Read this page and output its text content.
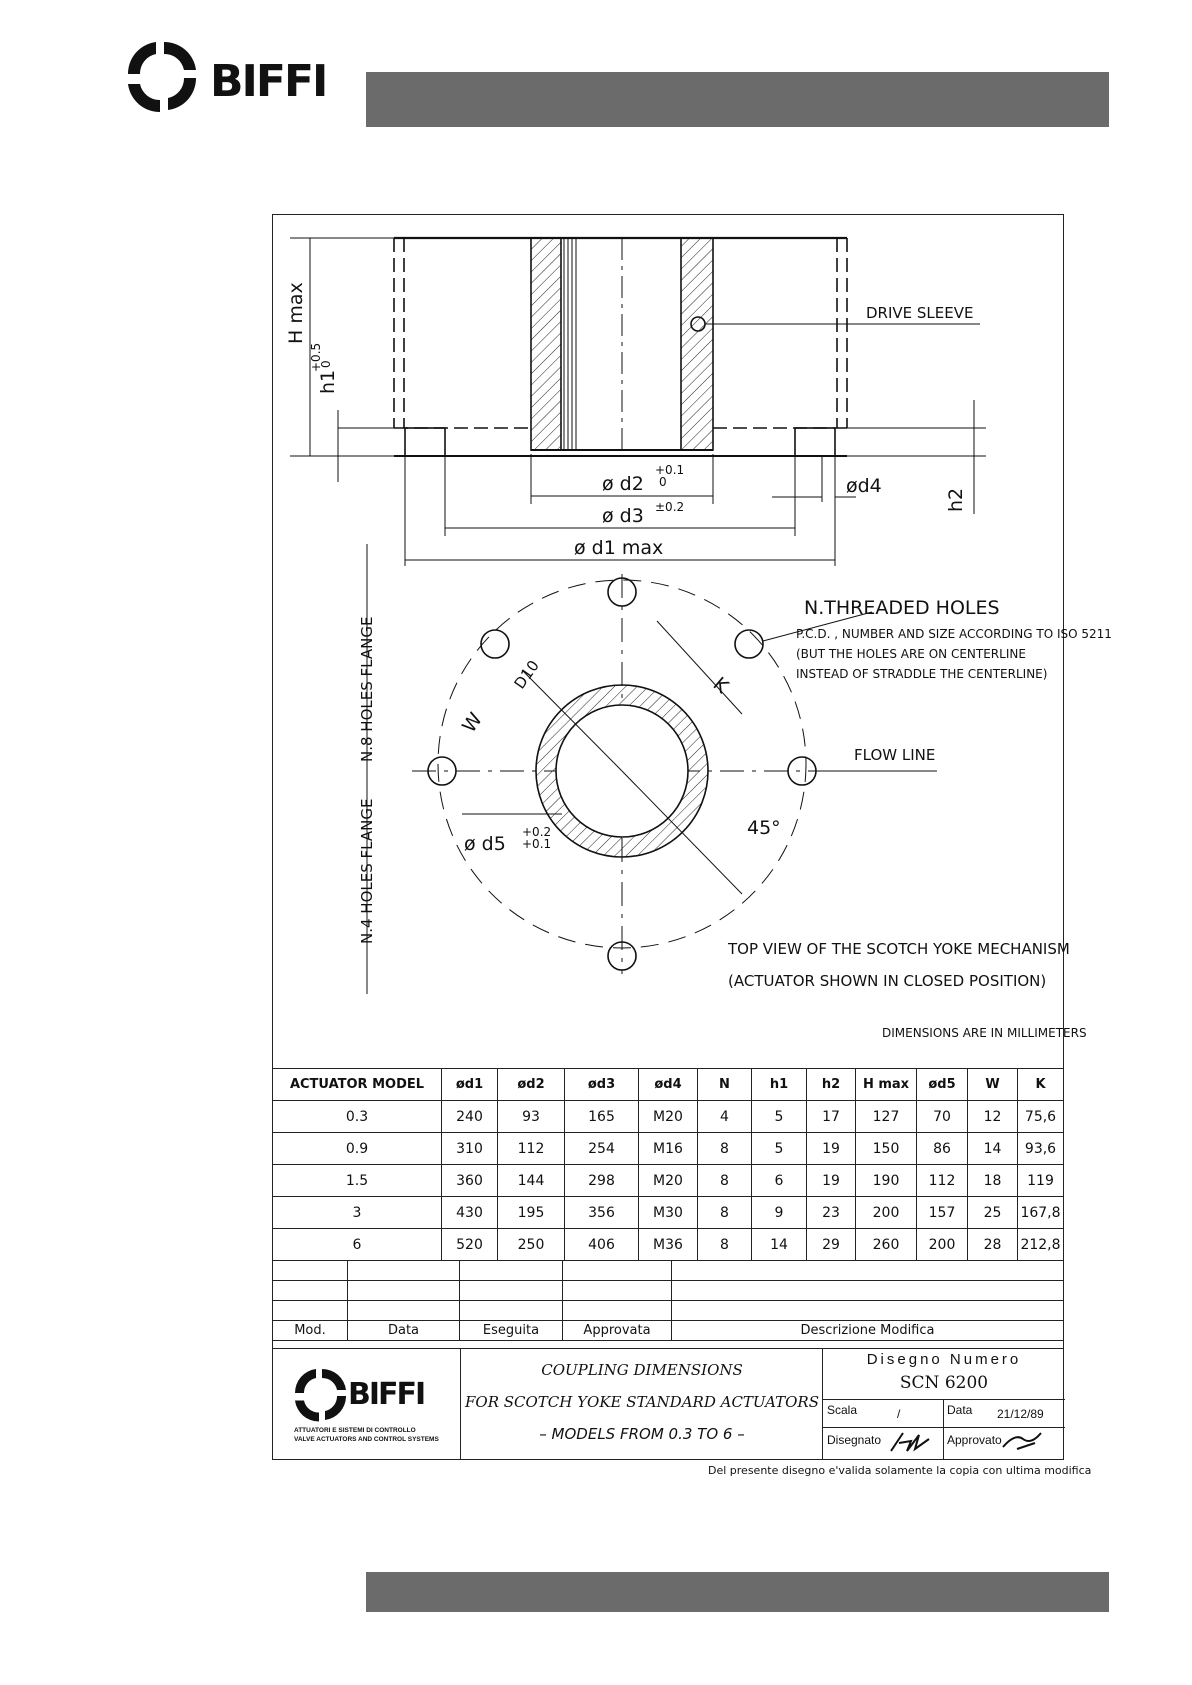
BIFFI
H max
h1
+0.5
0
ø d2
+0.1
0
ø d3 ±0.2
ø d1 max
ød4
h2
DRIVE SLEEVE
N.THREADED HOLES
P.C.D. , NUMBER AND SIZE ACCORDING TO ISO 5211
(BUT THE HOLES ARE ON CENTERLINE
INSTEAD OF STRADDLE THE CENTERLINE)
FLOW LINE
N.8 HOLES FLANGE
N.4 HOLES FLANGE	ø d5
+0.2
+0.1
D10
W
K
45°
TOP VIEW OF THE SCOTCH YOKE MECHANISM
(ACTUATOR SHOWN IN CLOSED POSITION)
DIMENSIONS ARE IN MILLIMETERS
ACTUATOR MODEL	ød1	ød2	ød3	ød4	N	h1	h2	H max	ød5	W	K
0.3	240	93	165	M20	4	5	17	127	70	12	75,6
0.9	310	112	254	M16	8	5	19	150	86	14	93,6
1.5	360	144	298	M20	8	6	19	190	112	18	119
3	430	195	356	M30	8	9	23	200	157	25	167,8
6	520	250	406	M36	8	14	29	260	200	28	212,8

Mod.	Data	Eseguita	Approvata	Descrizione Modifica
BIFFI
ATTUATORI E SISTEMI DI CONTROLLO
VALVE ACTUATORS AND CONTROL SYSTEMS
COUPLING DIMENSIONS
FOR SCOTCH YOKE STANDARD ACTUATORS
– MODELS FROM 0.3 TO 6 –
Disegno Numero
SCN 6200
Scala	/	Data 21/12/89
Disegnato	Approvato
Del presente disegno e'valida solamente la copia con ultima modifica
